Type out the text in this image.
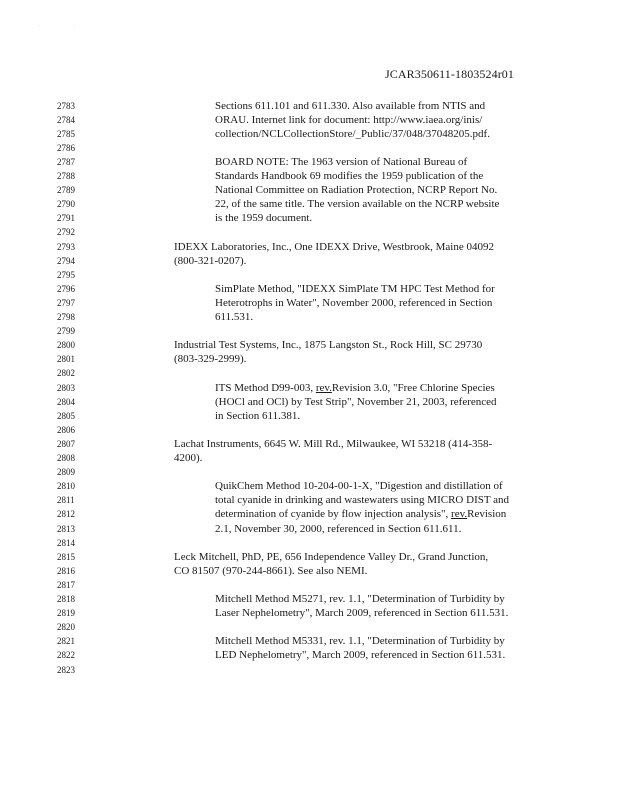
.	.
JCAR350611-1803524r01
2783	Sections 611.101 and 611.330. Also available from NTIS and
2784	ORAU. Internet link for document: http://www.iaea.org/inis/
2785	collection/NCLCollectionStore/_Public/37/048/37048205.pdf.
2786
2787	BOARD NOTE: The 1963 version of National Bureau of
2788	Standards Handbook 69 modifies the 1959 publication of the
2789	National Committee on Radiation Protection, NCRP Report No.
2790	22, of the same title. The version available on the NCRP website
2791	is the 1959 document.
2792
2793	IDEXX Laboratories, Inc., One IDEXX Drive, Westbrook, Maine 04092
2794	(800-321-0207).
2795
2796	SimPlate Method, "IDEXX SimPlate TM HPC Test Method for
2797	Heterotrophs in Water", November 2000, referenced in Section
2798	611.531.
2799
2800	Industrial Test Systems, Inc., 1875 Langston St., Rock Hill, SC 29730
2801	(803-329-2999).
2802
2803	ITS Method D99-003, rev.Revision 3.0, "Free Chlorine Species
2804	(HOCl and OCl) by Test Strip", November 21, 2003, referenced
2805	in Section 611.381.
2806
2807	Lachat Instruments, 6645 W. Mill Rd., Milwaukee, WI 53218 (414-358-
2808	4200).
2809
2810	QuikChem Method 10-204-00-1-X, "Digestion and distillation of
2811	total cyanide in drinking and wastewaters using MICRO DIST and
2812	determination of cyanide by flow injection analysis", rev.Revision
2813	2.1, November 30, 2000, referenced in Section 611.611.
2814
2815	Leck Mitchell, PhD, PE, 656 Independence Valley Dr., Grand Junction,
2816	CO 81507 (970-244-8661). See also NEMI.
2817
2818	Mitchell Method M5271, rev. 1.1, "Determination of Turbidity by
2819	Laser Nephelometry", March 2009, referenced in Section 611.531.
2820
2821	Mitchell Method M5331, rev. 1.1, "Determination of Turbidity by
2822	LED Nephelometry", March 2009, referenced in Section 611.531.
2823
